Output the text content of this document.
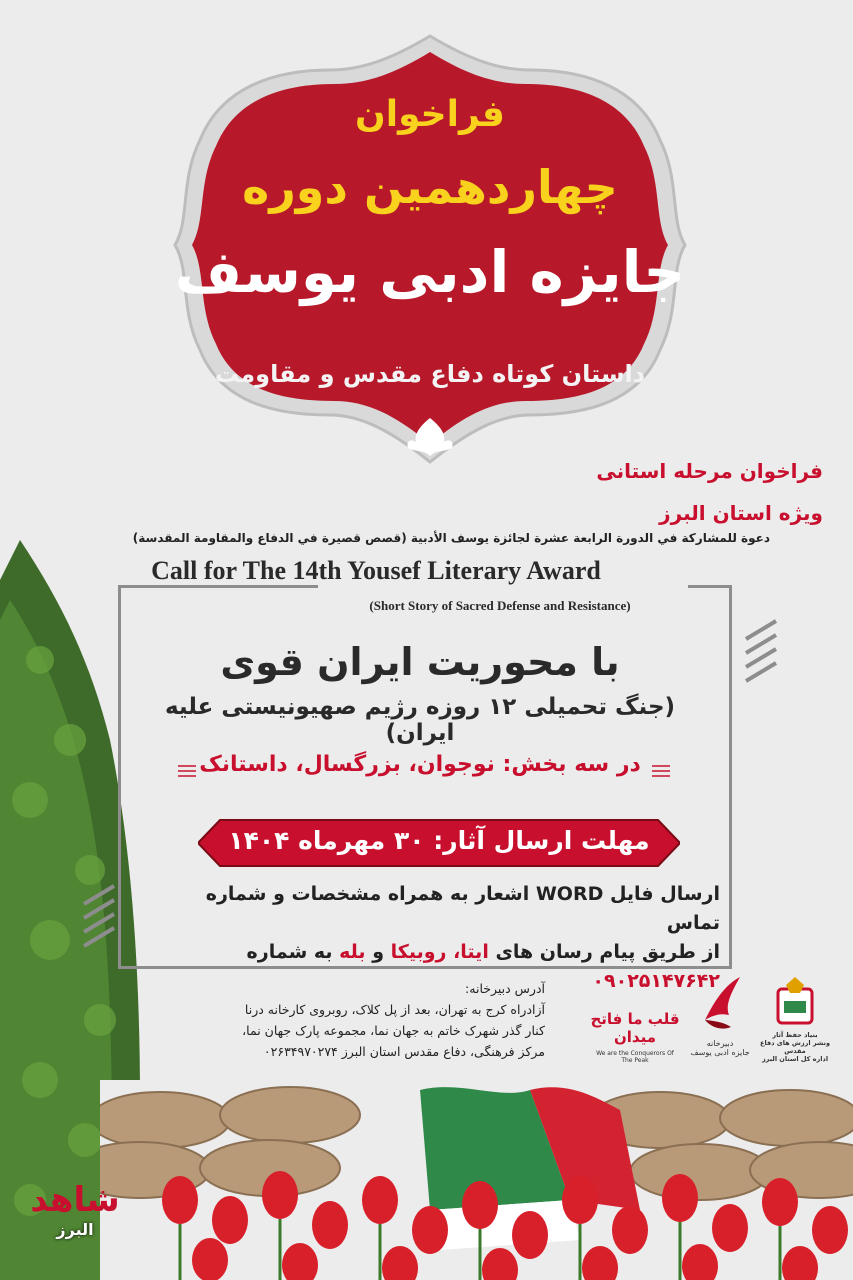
فراخوان
چهاردهمین دوره
جایزه ادبی یوسف
داستان کوتاه دفاع مقدس و مقاومت
فراخوان مرحله استانی
ویژه استان البرز
دعوة للمشاركة في الدورة الرابعة عشرة لجائزة يوسف الأدبية (قصص قصيرة في الدفاع والمقاومة المقدسة)
Call for The 14th Yousef Literary Award
(Short Story of Sacred Defense and Resistance)
با محوریت ایران قوی
(جنگ تحمیلی ۱۲ روزه رژیم صهیونیستی علیه ایران)
در سه بخش: نوجوان، بزرگسال، داستانک
مهلت ارسال آثار: ۳۰ مهرماه ۱۴۰۴
ارسال فایل WORD اشعار به همراه مشخصات و شماره تماس
از طریق پیام رسان های ایتا، روبیکا و بله به شماره ۰۹۰۲۵۱۴۷۶۴۲
آدرس دبیرخانه:
آزادراه کرج به تهران، بعد از پل کلاک، روبروی کارخانه درنا
کنار گذر شهرک خاتم به جهان نما، مجموعه پارک جهان نما،
مرکز فرهنگی، دفاع مقدس استان البرز ۰۲۶۳۴۹۷۰۲۷۴
قلب ما فاتح میدان
We are the Conquerors Of The Peak
دبیرخانه
جایزه ادبی یوسف
بنیاد حفظ آثار
ونشر ارزش های دفاع مقدس
اداره کل استان البرز
شاهد
البرز
